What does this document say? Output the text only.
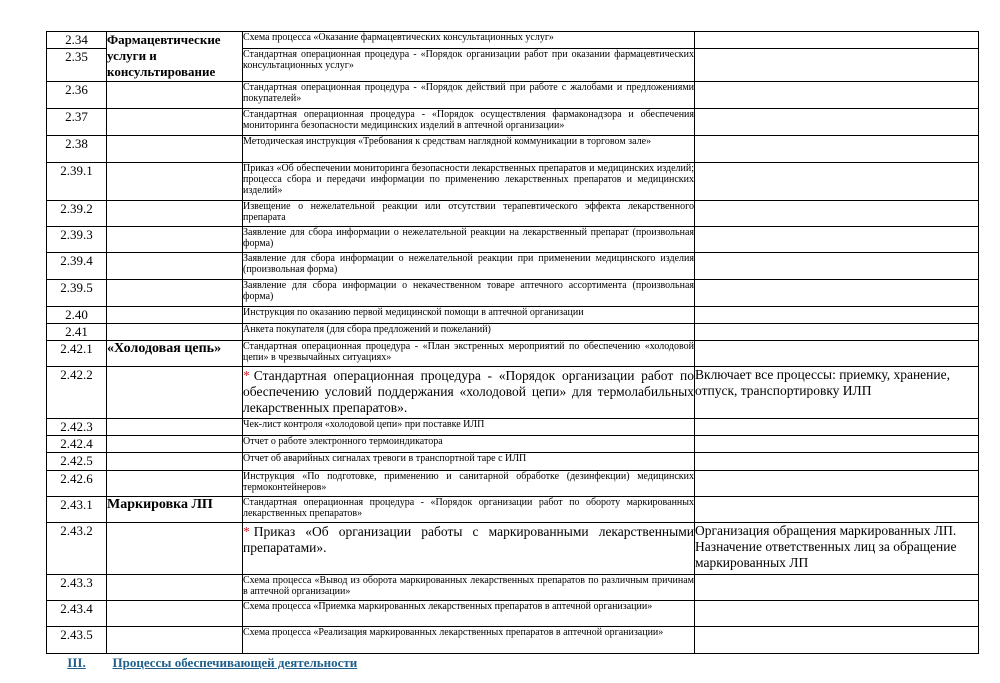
2.34	Фармацевтические услуги и консультирование	Схема процесса «Оказание фармацевтических консультационных услуг»	
2.35		Стандартная операционная процедура - «Порядок организации работ при оказании фармацевтических консультационных услуг»	
2.36		Стандартная операционная процедура - «Порядок действий при работе с жалобами и предложениями покупателей»	
2.37		Стандартная операционная процедура - «Порядок осуществления фармаконадзора и обеспечения мониторинга безопасности медицинских изделий в аптечной организации»	
2.38		Методическая инструкция «Требования к средствам наглядной коммуникации в торговом зале»	
2.39.1		Приказ «Об обеспечении мониторинга безопасности лекарственных препаратов и медицинских изделий; процесса сбора и передачи информации по применению лекарственных препаратов и медицинских изделий»	
2.39.2		Извещение о нежелательной реакции или отсутствии терапевтического эффекта лекарственного препарата	
2.39.3		Заявление для сбора информации о нежелательной реакции на лекарственный препарат (произвольная форма)	
2.39.4		Заявление для сбора информации о нежелательной реакции при применении медицинского изделия (произвольная форма)	
2.39.5		Заявление для сбора информации о некачественном товаре аптечного ассортимента (произвольная форма)	
2.40		Инструкция по оказанию первой медицинской помощи в аптечной организации	
2.41		Анкета покупателя (для сбора предложений и пожеланий)	
2.42.1	«Холодовая цепь»	Стандартная операционная процедура - «План экстренных мероприятий по обеспечению «холодовой цепи» в чрезвычайных ситуациях»	
2.42.2		* Стандартная операционная процедура - «Порядок организации работ по обеспечению условий поддержания «холодовой цепи» для термолабильных лекарственных препаратов».	Включает все процессы: приемку, хранение, отпуск, транспортировку ИЛП
2.42.3		Чек-лист контроля «холодовой цепи» при поставке ИЛП	
2.42.4		Отчет о работе электронного термоиндикатора	
2.42.5		Отчет об аварийных сигналах тревоги в транспортной таре с ИЛП	
2.42.6		Инструкция «По подготовке, применению и санитарной обработке (дезинфекции) медицинских термоконтейнеров»	
2.43.1	Маркировка ЛП	Стандартная операционная процедура - «Порядок организации работ по обороту маркированных лекарственных препаратов»	
2.43.2		* Приказ «Об организации работы с маркированными лекарственными препаратами».	Организация обращения маркированных ЛП. Назначение ответственных лиц за обращение маркированных ЛП
2.43.3		Схема процесса «Вывод из оборота маркированных лекарственных препаратов по различным причинам в аптечной организации»	
2.43.4		Схема процесса «Приемка маркированных лекарственных препаратов в аптечной организации»	
2.43.5		Схема процесса «Реализация маркированных лекарственных препаратов в аптечной организации»	
III.	Процессы обеспечивающей деятельности		
